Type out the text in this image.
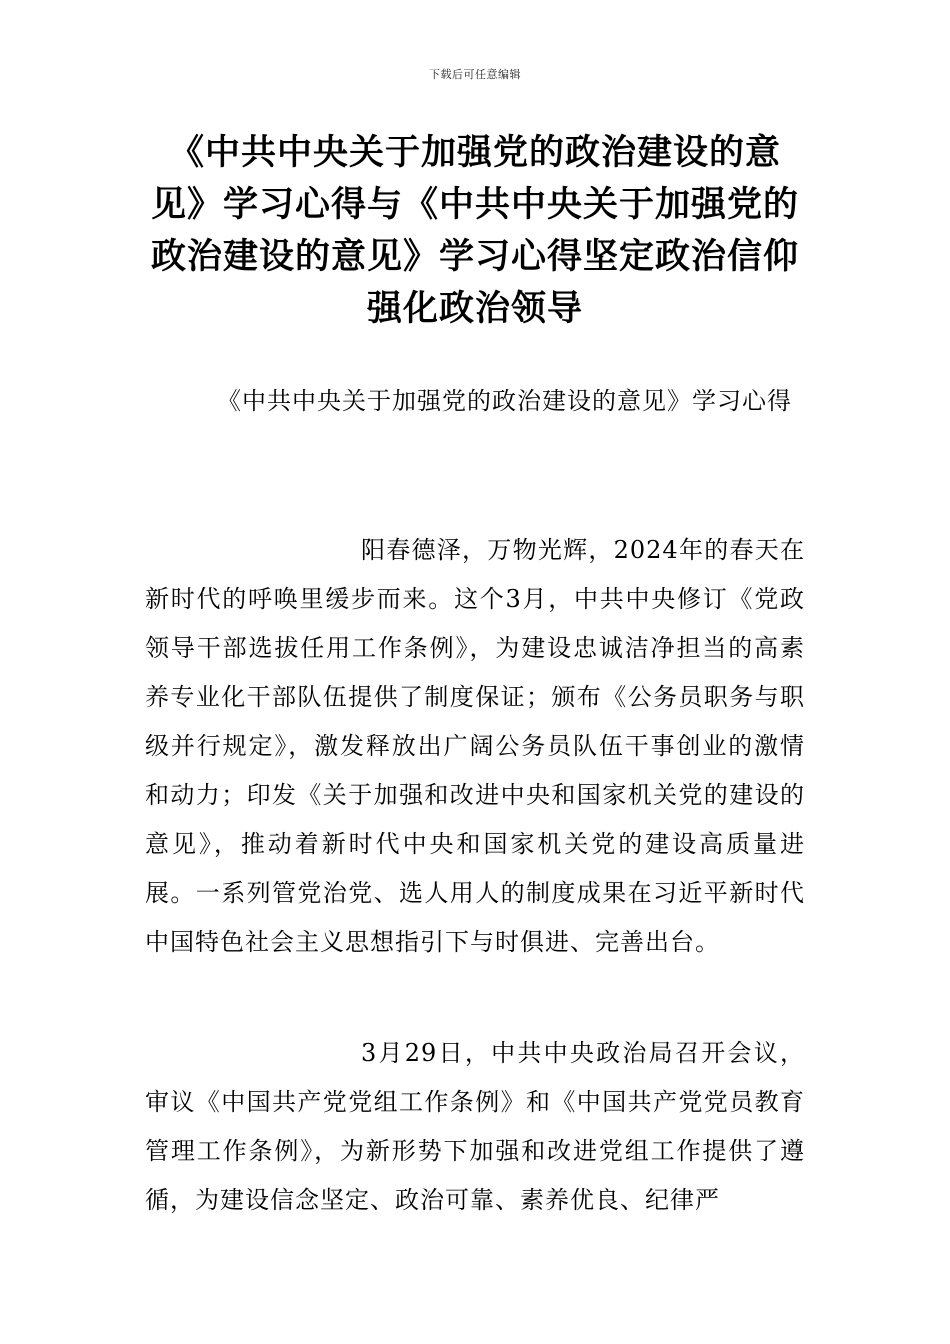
下载后可任意编辑
《中共中央关于加强党的政治建设的意见》学习心得与《中共中央关于加强党的政治建设的意见》学习心得坚定政治信仰强化政治领导

《中共中央关于加强党的政治建设的意见》学习心得

阳春德泽，万物光辉，2024年的春天在新时代的呼唤里缓步而来。这个3月，中共中央修订《党政领导干部选拔任用工作条例》，为建设忠诚洁净担当的高素养专业化干部队伍提供了制度保证；颁布《公务员职务与职级并行规定》，激发释放出广阔公务员队伍干事创业的激情和动力；印发《关于加强和改进中央和国家机关党的建设的意见》，推动着新时代中央和国家机关党的建设高质量进展。一系列管党治党、选人用人的制度成果在习近平新时代中国特色社会主义思想指引下与时俱进、完善出台。

3月29日，中共中央政治局召开会议，审议《中国共产党党组工作条例》和《中国共产党党员教育管理工作条例》，为新形势下加强和改进党组工作提供了遵循，为建设信念坚定、政治可靠、素养优良、纪律严
